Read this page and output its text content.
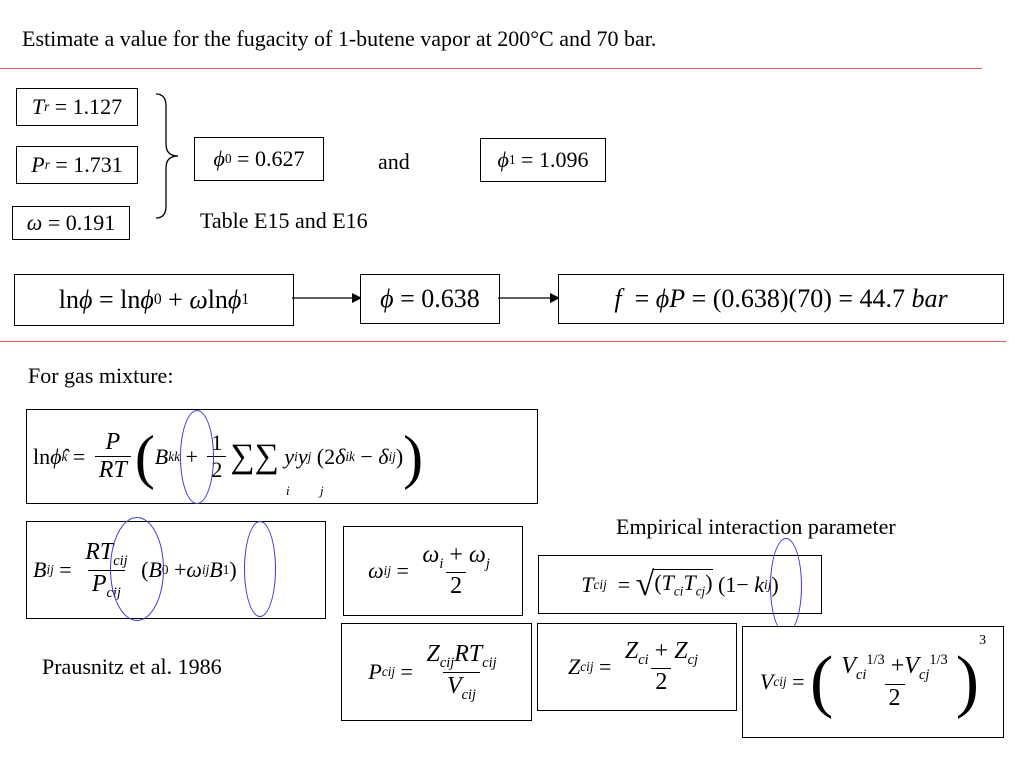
Estimate a value for the fugacity of 1-butene vapor at 200°C and 70 bar.
T r
= 1.127
P r
= 1.731
ω
= 0.191
ϕ 0
= 0.627	and	ϕ 1
= 1.096
Table E15 and E16
ln ϕ = ln ϕ 0 + ω ln ϕ 1	ϕ
= 0.638	f = ϕP
= (0.638)(70) = 44.7
bar
For gas mixture:
ln ϕ̂ $k = \frac{P}{RT}$ ( B kk + $\frac{1}{2}$ ∑ ∑
y i y j (2 δ ik − δ ij ) )
i j
Empirical interaction parameter
B ij = $\frac{RT_{cij}}{P_{cij}}$ ( B 0 + ω ij B 1 )	ω ij = $\frac{\omega_i + \omega_j}{2}$	T cij = √ $(T_{ci}T_{cj})$ (1− k ij )
Prausnitz et al. 1986	P cij = $\frac{Z_{cij}RT_{cij}}{V_{cij}}$	Z cij = $\frac{Z_{ci} + Z_{cj}}{2}$	V cij = ( $\frac{V_{ci}^{1/3} +V_{cj}^{1/3}}{2}$ )
$^3$
